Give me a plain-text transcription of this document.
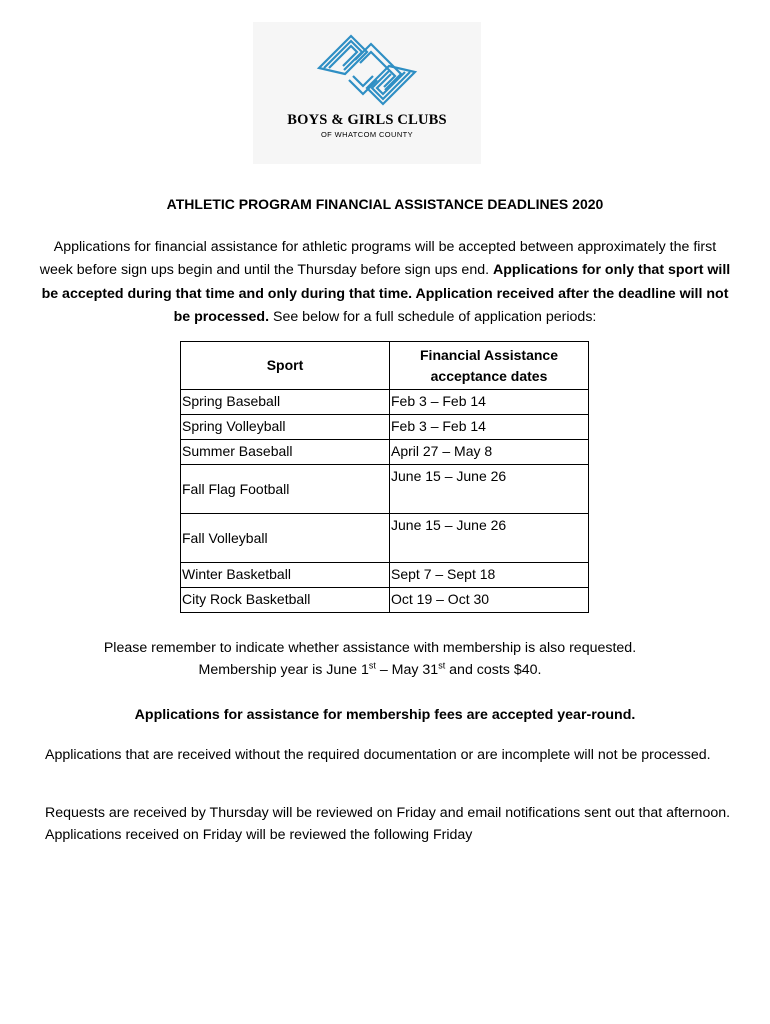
BOYS & GIRLS CLUBS
OF WHATCOM COUNTY
ATHLETIC PROGRAM FINANCIAL ASSISTANCE DEADLINES 2020
Applications for financial assistance for athletic programs will be accepted between approximately the first week before sign ups begin and until the Thursday before sign ups end. Applications for only that sport will be accepted during that time and only during that time. Application received after the deadline will not be processed. See below for a full schedule of application periods:
Sport	Financial Assistance
acceptance dates
Spring Baseball	Feb 3 – Feb 14
Spring Volleyball	Feb 3 – Feb 14
Summer Baseball	April 27 – May 8
Fall Flag Football	June 15 – June 26
Fall Volleyball	June 15 – June 26
Winter Basketball	Sept 7 – Sept 18
City Rock Basketball	Oct 19 – Oct 30
Please remember to indicate whether assistance with membership is also requested.
Membership year is June 1st – May 31st and costs $40.
Applications for assistance for membership fees are accepted year-round.
Applications that are received without the required documentation or are incomplete will not be processed.
Requests are received by Thursday will be reviewed on Friday and email notifications sent out that afternoon. Applications received on Friday will be reviewed the following Friday
